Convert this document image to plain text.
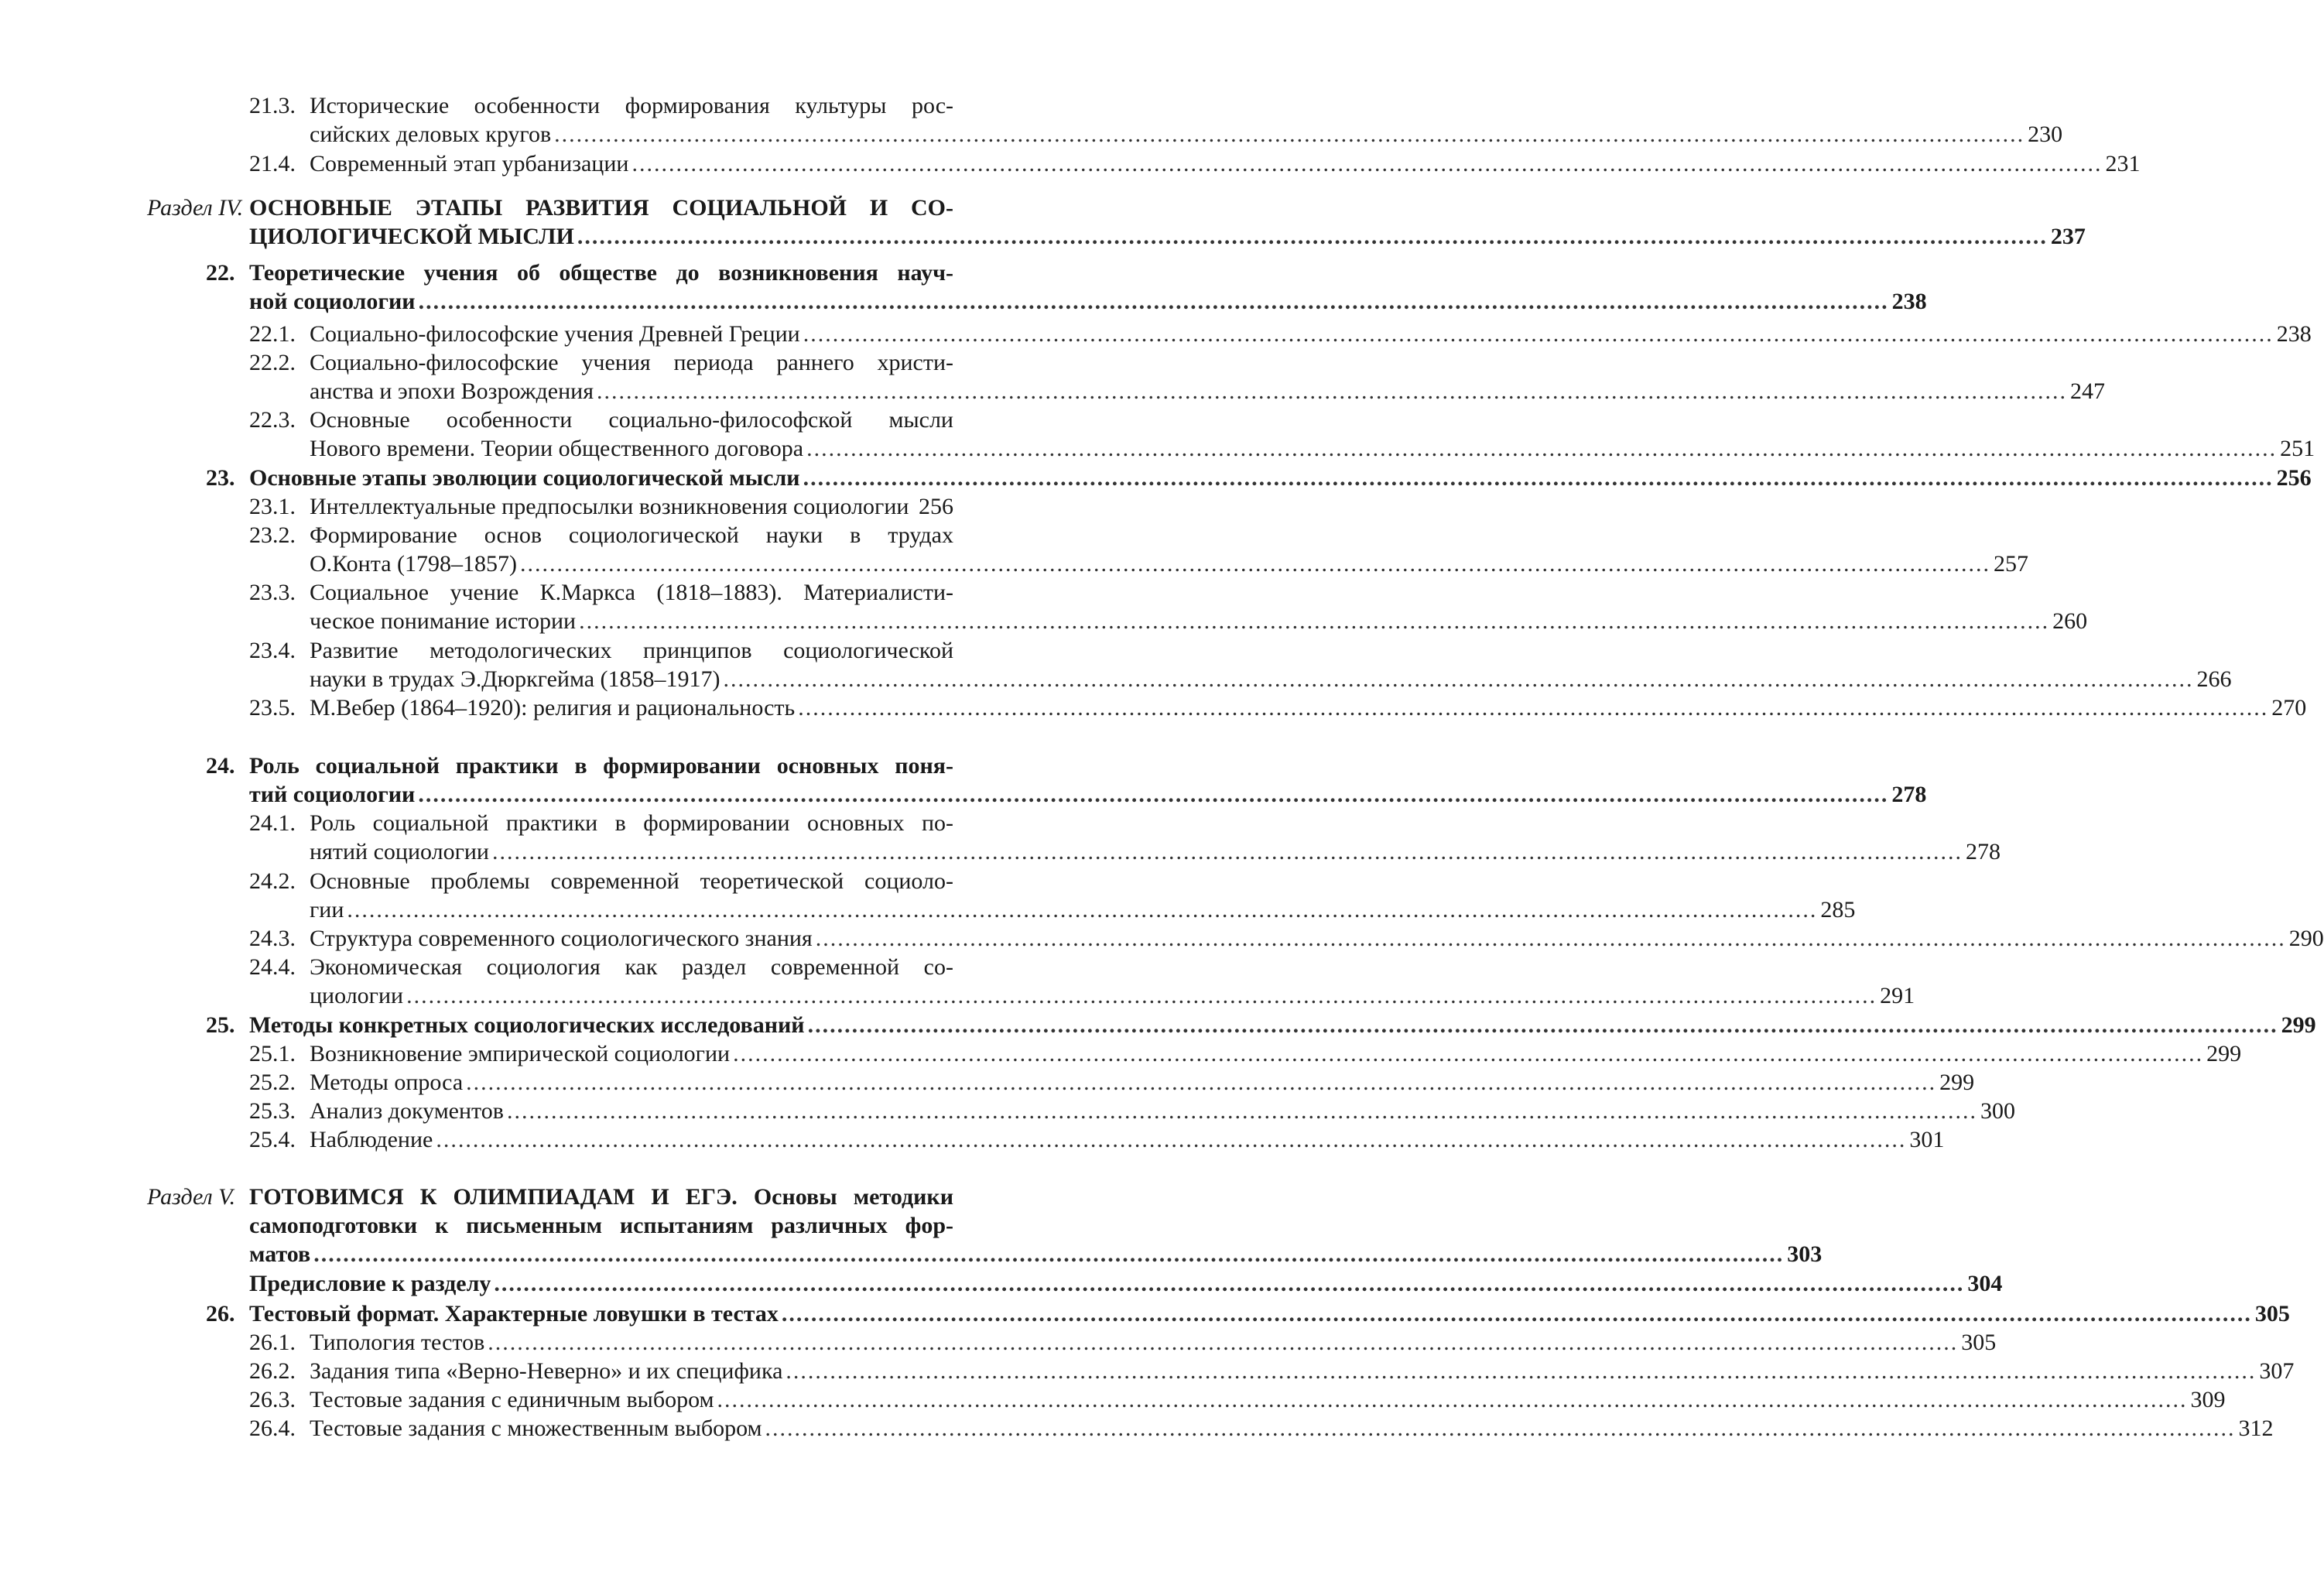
21.3. Исторические особенности формирования культуры рос-
сийских деловых кругов ........................................................................................................................................................................................................ 230
21.4. Современный этап урбанизации ........................................................................................................................................................................................................ 231
Раздел IV. ОСНОВНЫЕ ЭТАПЫ РАЗВИТИЯ СОЦИАЛЬНОЙ И СО-
ЦИОЛОГИЧЕСКОЙ МЫСЛИ ........................................................................................................................................................................................................ 237
22. Теоретические учения об обществе до возникновения науч-
ной социологии ........................................................................................................................................................................................................ 238
22.1. Социально-философские учения Древней Греции ........................................................................................................................................................................................................ 238
22.2. Социально-философские учения периода раннего христи-
анства и эпохи Возрождения ........................................................................................................................................................................................................ 247
22.3. Основные особенности социально-философской мысли
Нового времени. Теории общественного договора ........................................................................................................................................................................................................ 251
23. Основные этапы эволюции социологической мысли ........................................................................................................................................................................................................ 256
23.1. Интеллектуальные предпосылки возникновения социологии 256
23.2. Формирование основ социологической науки в трудах
О.Конта (1798–1857) ........................................................................................................................................................................................................ 257
23.3. Социальное учение К.Маркса (1818–1883). Материалисти-
ческое понимание истории ........................................................................................................................................................................................................ 260
23.4. Развитие методологических принципов социологической
науки в трудах Э.Дюркгейма (1858–1917) ........................................................................................................................................................................................................ 266
23.5. М.Вебер (1864–1920): религия и рациональность ........................................................................................................................................................................................................ 270
24. Роль социальной практики в формировании основных поня-
тий социологии ........................................................................................................................................................................................................ 278
24.1. Роль социальной практики в формировании основных по-
нятий социологии ........................................................................................................................................................................................................ 278
24.2. Основные проблемы современной теоретической социоло-
гии ........................................................................................................................................................................................................ 285
24.3. Структура современного социологического знания ........................................................................................................................................................................................................ 290
24.4. Экономическая социология как раздел современной со-
циологии ........................................................................................................................................................................................................ 291
25. Методы конкретных социологических исследований ........................................................................................................................................................................................................ 299
25.1. Возникновение эмпирической социологии ........................................................................................................................................................................................................ 299
25.2. Методы опроса ........................................................................................................................................................................................................ 299
25.3. Анализ документов ........................................................................................................................................................................................................ 300
25.4. Наблюдение ........................................................................................................................................................................................................ 301
Раздел V. ГОТОВИМСЯ К ОЛИМПИАДАМ И ЕГЭ. Основы методики
самоподготовки к письменным испытаниям различных фор-
матов ........................................................................................................................................................................................................ 303
Предисловие к разделу ........................................................................................................................................................................................................ 304
26. Тестовый формат. Характерные ловушки в тестах ........................................................................................................................................................................................................ 305
26.1. Типология тестов ........................................................................................................................................................................................................ 305
26.2. Задания типа «Верно-Неверно» и их специфика ........................................................................................................................................................................................................ 307
26.3. Тестовые задания с единичным выбором ........................................................................................................................................................................................................ 309
26.4. Тестовые задания с множественным выбором ........................................................................................................................................................................................................ 312
